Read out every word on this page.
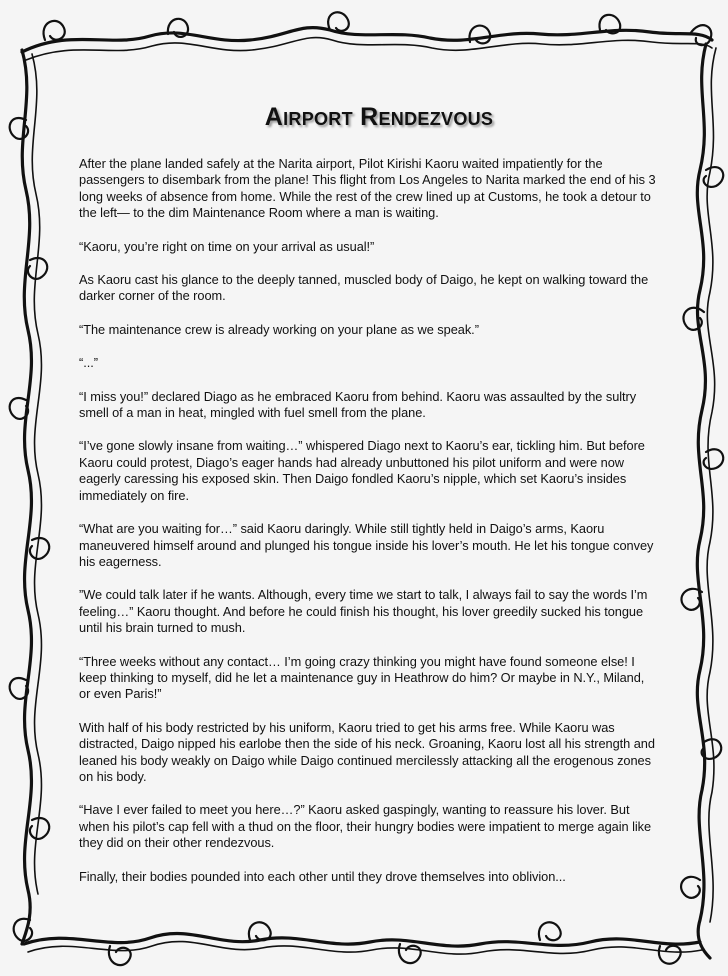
Airport Rendezvous

After the plane landed safely at the Narita airport, Pilot Kirishi Kaoru waited impatiently for the passengers to disembark from the plane! This flight from Los Angeles to Narita marked the end of his 3 long weeks of absence from home. While the rest of the crew lined up at Customs, he took a detour to the left— to the dim Maintenance Room where a man is waiting.

“Kaoru, you’re right on time on your arrival as usual!”

As Kaoru cast his glance to the deeply tanned, muscled body of Daigo, he kept on walking toward the darker corner of the room.

“The maintenance crew is already working on your plane as we speak.”

“...”

“I miss you!” declared Diago as he embraced Kaoru from behind. Kaoru was assaulted by the sultry smell of a man in heat, mingled with fuel smell from the plane.

“I’ve gone slowly insane from waiting…” whispered Diago next to Kaoru’s ear, tickling him. But before Kaoru could protest, Diago’s eager hands had already unbuttoned his pilot uniform and were now eagerly caressing his exposed skin. Then Daigo fondled Kaoru’s nipple, which set Kaoru’s insides immediately on fire.

“What are you waiting for…” said Kaoru daringly. While still tightly held in Daigo’s arms, Kaoru maneuvered himself around and plunged his tongue inside his lover’s mouth. He let his tongue convey his eagerness.

”We could talk later if he wants. Although, every time we start to talk, I always fail to say the words I’m feeling…” Kaoru thought. And before he could finish his thought, his lover greedily sucked his tongue until his brain turned to mush.

“Three weeks without any contact… I’m going crazy thinking you might have found someone else! I keep thinking to myself, did he let a maintenance guy in Heathrow do him? Or maybe in N.Y., Miland, or even Paris!”

With half of his body restricted by his uniform, Kaoru tried to get his arms free. While Kaoru was distracted, Daigo nipped his earlobe then the side of his neck. Groaning, Kaoru lost all his strength and leaned his body weakly on Daigo while Daigo continued mercilessly attacking all the erogenous zones on his body.

“Have I ever failed to meet you here…?” Kaoru asked gaspingly, wanting to reassure his lover. But when his pilot’s cap fell with a thud on the floor, their hungry bodies were impatient to merge again like they did on their other rendezvous.

Finally, their bodies pounded into each other until they drove themselves into oblivion...
